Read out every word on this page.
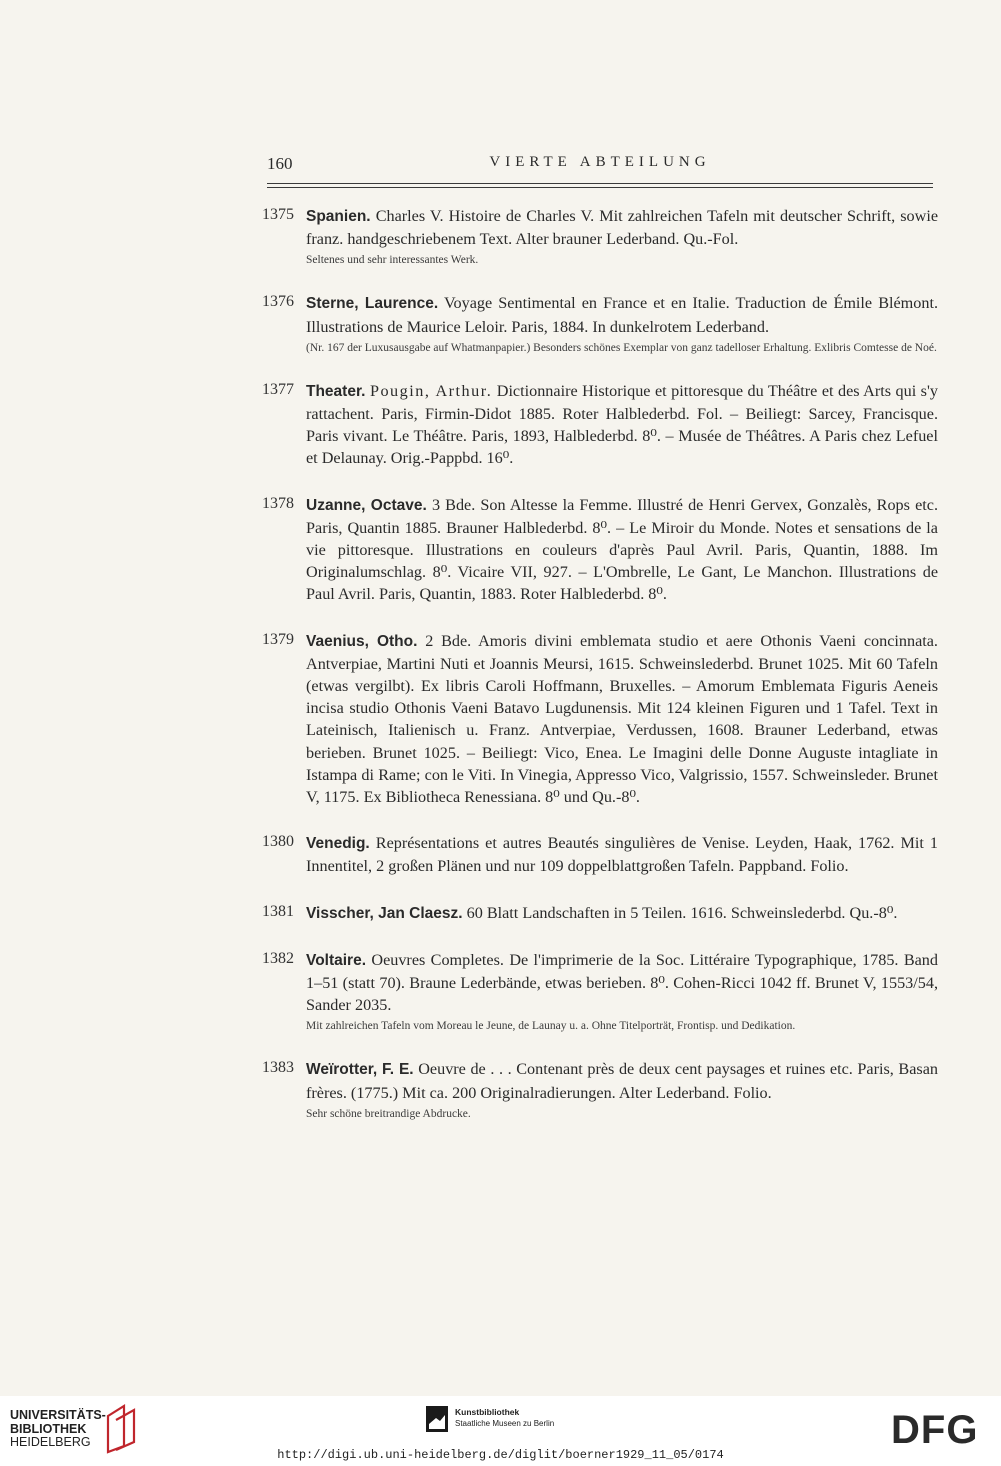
160	VIERTE ABTEILUNG
1375 Spanien. Charles V. Histoire de Charles V. Mit zahlreichen Tafeln mit deutscher Schrift, sowie franz. handgeschriebenem Text. Alter brauner Lederband. Qu.-Fol.
Seltenes und sehr interessantes Werk.
1376 Sterne, Laurence. Voyage Sentimental en France et en Italie. Traduction de Émile Blémont. Illustrations de Maurice Leloir. Paris, 1884. In dunkelrotem Lederband.
(Nr. 167 der Luxusausgabe auf Whatmanpapier.) Besonders schönes Exemplar von ganz tadelloser Erhaltung. Exlibris Comtesse de Noé.
1377 Theater. Pougin, Arthur. Dictionnaire Historique et pittoresque du Théâtre et des Arts qui s'y rattachent. Paris, Firmin-Didot 1885. Roter Halblederbd. Fol. – Beiliegt: Sarcey, Francisque. Paris vivant. Le Théâtre. Paris, 1893, Halblederbd. 8⁰. – Musée de Théâtres. A Paris chez Lefuel et Delaunay. Orig.-Pappbd. 16⁰.
1378 Uzanne, Octave. 3 Bde. Son Altesse la Femme. Illustré de Henri Gervex, Gonzalès, Rops etc. Paris, Quantin 1885. Brauner Halblederbd. 8⁰. – Le Miroir du Monde. Notes et sensations de la vie pittoresque. Illustrations en couleurs d'après Paul Avril. Paris, Quantin, 1888. Im Originalumschlag. 8⁰. Vicaire VII, 927. – L'Ombrelle, Le Gant, Le Manchon. Illustrations de Paul Avril. Paris, Quantin, 1883. Roter Halblederbd. 8⁰.
1379 Vaenius, Otho. 2 Bde. Amoris divini emblemata studio et aere Othonis Vaeni concinnata. Antverpiae, Martini Nuti et Joannis Meursi, 1615. Schweinslederbd. Brunet 1025. Mit 60 Tafeln (etwas vergilbt). Ex libris Caroli Hoffmann, Bruxelles. – Amorum Emblemata Figuris Aeneis incisa studio Othonis Vaeni Batavo Lugdunensis. Mit 124 kleinen Figuren und 1 Tafel. Text in Lateinisch, Italienisch u. Franz. Antverpiae, Verdussen, 1608. Brauner Lederband, etwas berieben. Brunet 1025. – Beiliegt: Vico, Enea. Le Imagini delle Donne Auguste intagliate in Istampa di Rame; con le Viti. In Vinegia, Appresso Vico, Valgrissio, 1557. Schweinsleder. Brunet V, 1175. Ex Bibliotheca Renessiana. 8⁰ und Qu.-8⁰.
1380 Venedig. Représentations et autres Beautés singulières de Venise. Leyden, Haak, 1762. Mit 1 Innentitel, 2 großen Plänen und nur 109 doppelblattgroßen Tafeln. Pappband. Folio.
1381 Visscher, Jan Claesz. 60 Blatt Landschaften in 5 Teilen. 1616. Schweinslederbd. Qu.-8⁰.
1382 Voltaire. Oeuvres Completes. De l'imprimerie de la Soc. Littéraire Typographique, 1785. Band 1–51 (statt 70). Braune Lederbände, etwas berieben. 8⁰. Cohen-Ricci 1042 ff. Brunet V, 1553/54, Sander 2035.
Mit zahlreichen Tafeln vom Moreau le Jeune, de Launay u. a. Ohne Titelporträt, Frontisp. und Dedikation.
1383 Weïrotter, F. E. Oeuvre de . . . Contenant près de deux cent paysages et ruines etc. Paris, Basan frères. (1775.) Mit ca. 200 Originalradierungen. Alter Lederband. Folio.
Sehr schöne breitrandige Abdrucke.
UNIVERSITÄTS-
BIBLIOTHEK
HEIDELBERG
Kunstbibliothek
Staatliche Museen zu Berlin	DFG
http://digi.ub.uni-heidelberg.de/diglit/boerner1929_11_05/0174
